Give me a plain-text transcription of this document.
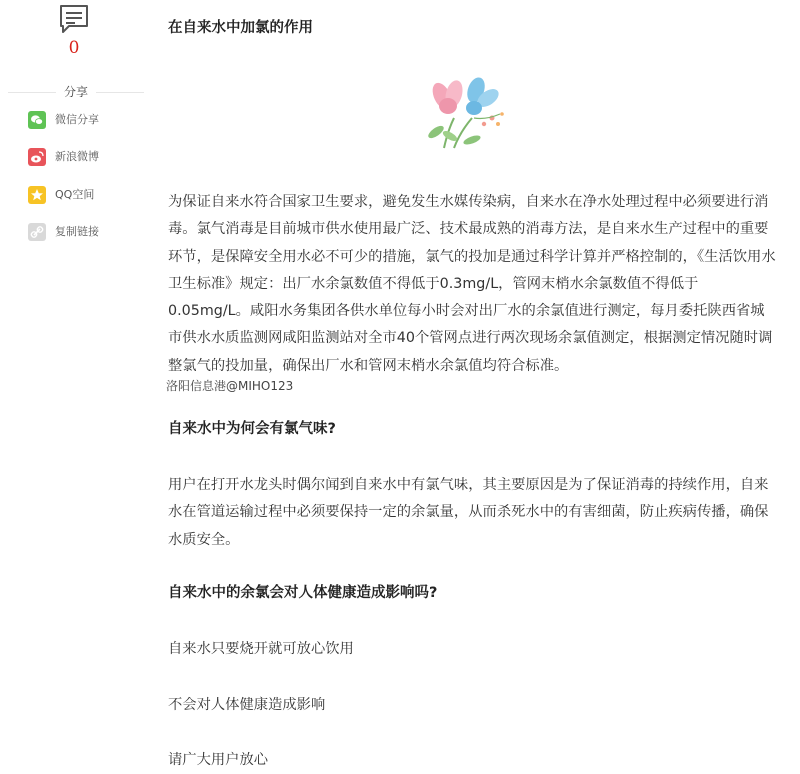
0
分享
微信分享
新浪微博
QQ空间
复制链接
在自来水中加氯的作用
为保证自来水符合国家卫生要求，避免发生水媒传染病，自来水在净水处理过程中必须要进行消毒。氯气消毒是目前城市供水使用最广泛、技术最成熟的消毒方法，是自来水生产过程中的重要环节，是保障安全用水必不可少的措施，氯气的投加是通过科学计算并严格控制的，《生活饮用水卫生标准》规定：出厂水余氯数值不得低于0.3mg/L，管网末梢水余氯数值不得低于0.05mg/L。咸阳水务集团各供水单位每小时会对出厂水的余氯值进行测定，每月委托陕西省城市供水水质监测网咸阳监测站对全市40个管网点进行两次现场余氯值测定，根据测定情况随时调整氯气的投加量，确保出厂水和管网末梢水余氯值均符合标准。
自来水中为何会有氯气味?
用户在打开水龙头时偶尔闻到自来水中有氯气味，其主要原因是为了保证消毒的持续作用，自来水在管道运输过程中必须要保持一定的余氯量，从而杀死水中的有害细菌，防止疾病传播，确保水质安全。
自来水中的余氯会对人体健康造成影响吗?
自来水只要烧开就可放心饮用
不会对人体健康造成影响
请广大用户放心
洛阳信息港@MIHO123
